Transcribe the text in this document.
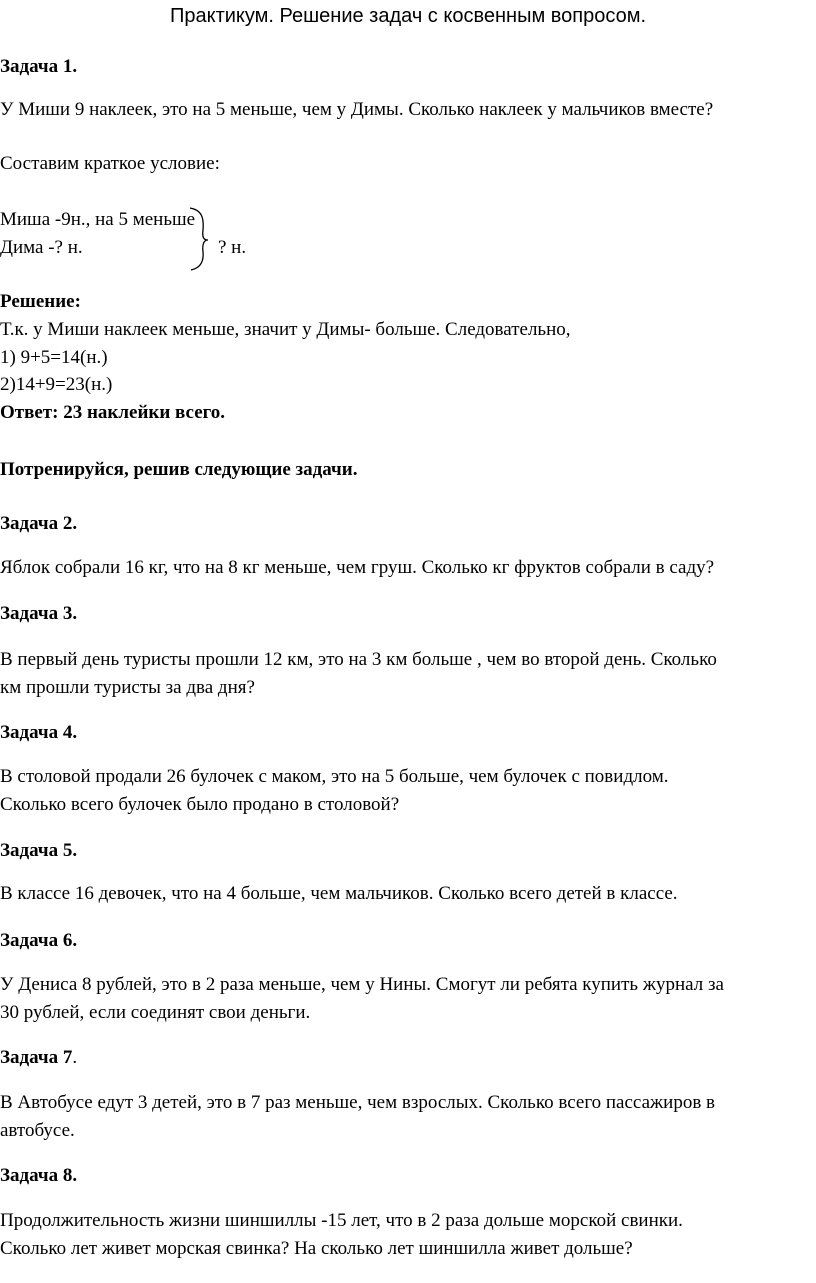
Практикум. Решение задач с косвенным вопросом.
Задача 1.
У Миши 9 наклеек, это на 5 меньше, чем у Димы. Сколько наклеек у мальчиков вместе?
Составим краткое условие:
Миша -9н., на 5 меньше
Дима -? н.	? н.
Решение:
Т.к. у Миши наклеек меньше, значит у Димы- больше. Следовательно,
1) 9+5=14(н.)
2)14+9=23(н.)
Ответ: 23 наклейки всего.
Потренируйся, решив следующие задачи.
Задача 2.
Яблок собрали 16 кг, что на 8 кг меньше, чем груш. Сколько кг фруктов собрали в саду?
Задача 3.
В первый день туристы прошли 12 км, это на 3 км больше , чем во второй день. Сколько
км прошли туристы за два дня?
Задача 4.
В столовой продали 26 булочек с маком, это на 5 больше, чем булочек с повидлом.
Сколько всего булочек было продано в столовой?
Задача 5.
В классе 16 девочек, что на 4 больше, чем мальчиков. Сколько всего детей в классе.
Задача 6.
У Дениса 8 рублей, это в 2 раза меньше, чем у Нины. Смогут ли ребята купить журнал за
30 рублей, если соединят свои деньги.
Задача 7.
В Автобусе едут 3 детей, это в 7 раз меньше, чем взрослых. Сколько всего пассажиров в
автобусе.
Задача 8.
Продолжительность жизни шиншиллы -15 лет, что в 2 раза дольше морской свинки.
Сколько лет живет морская свинка? На сколько лет шиншилла живет дольше?
